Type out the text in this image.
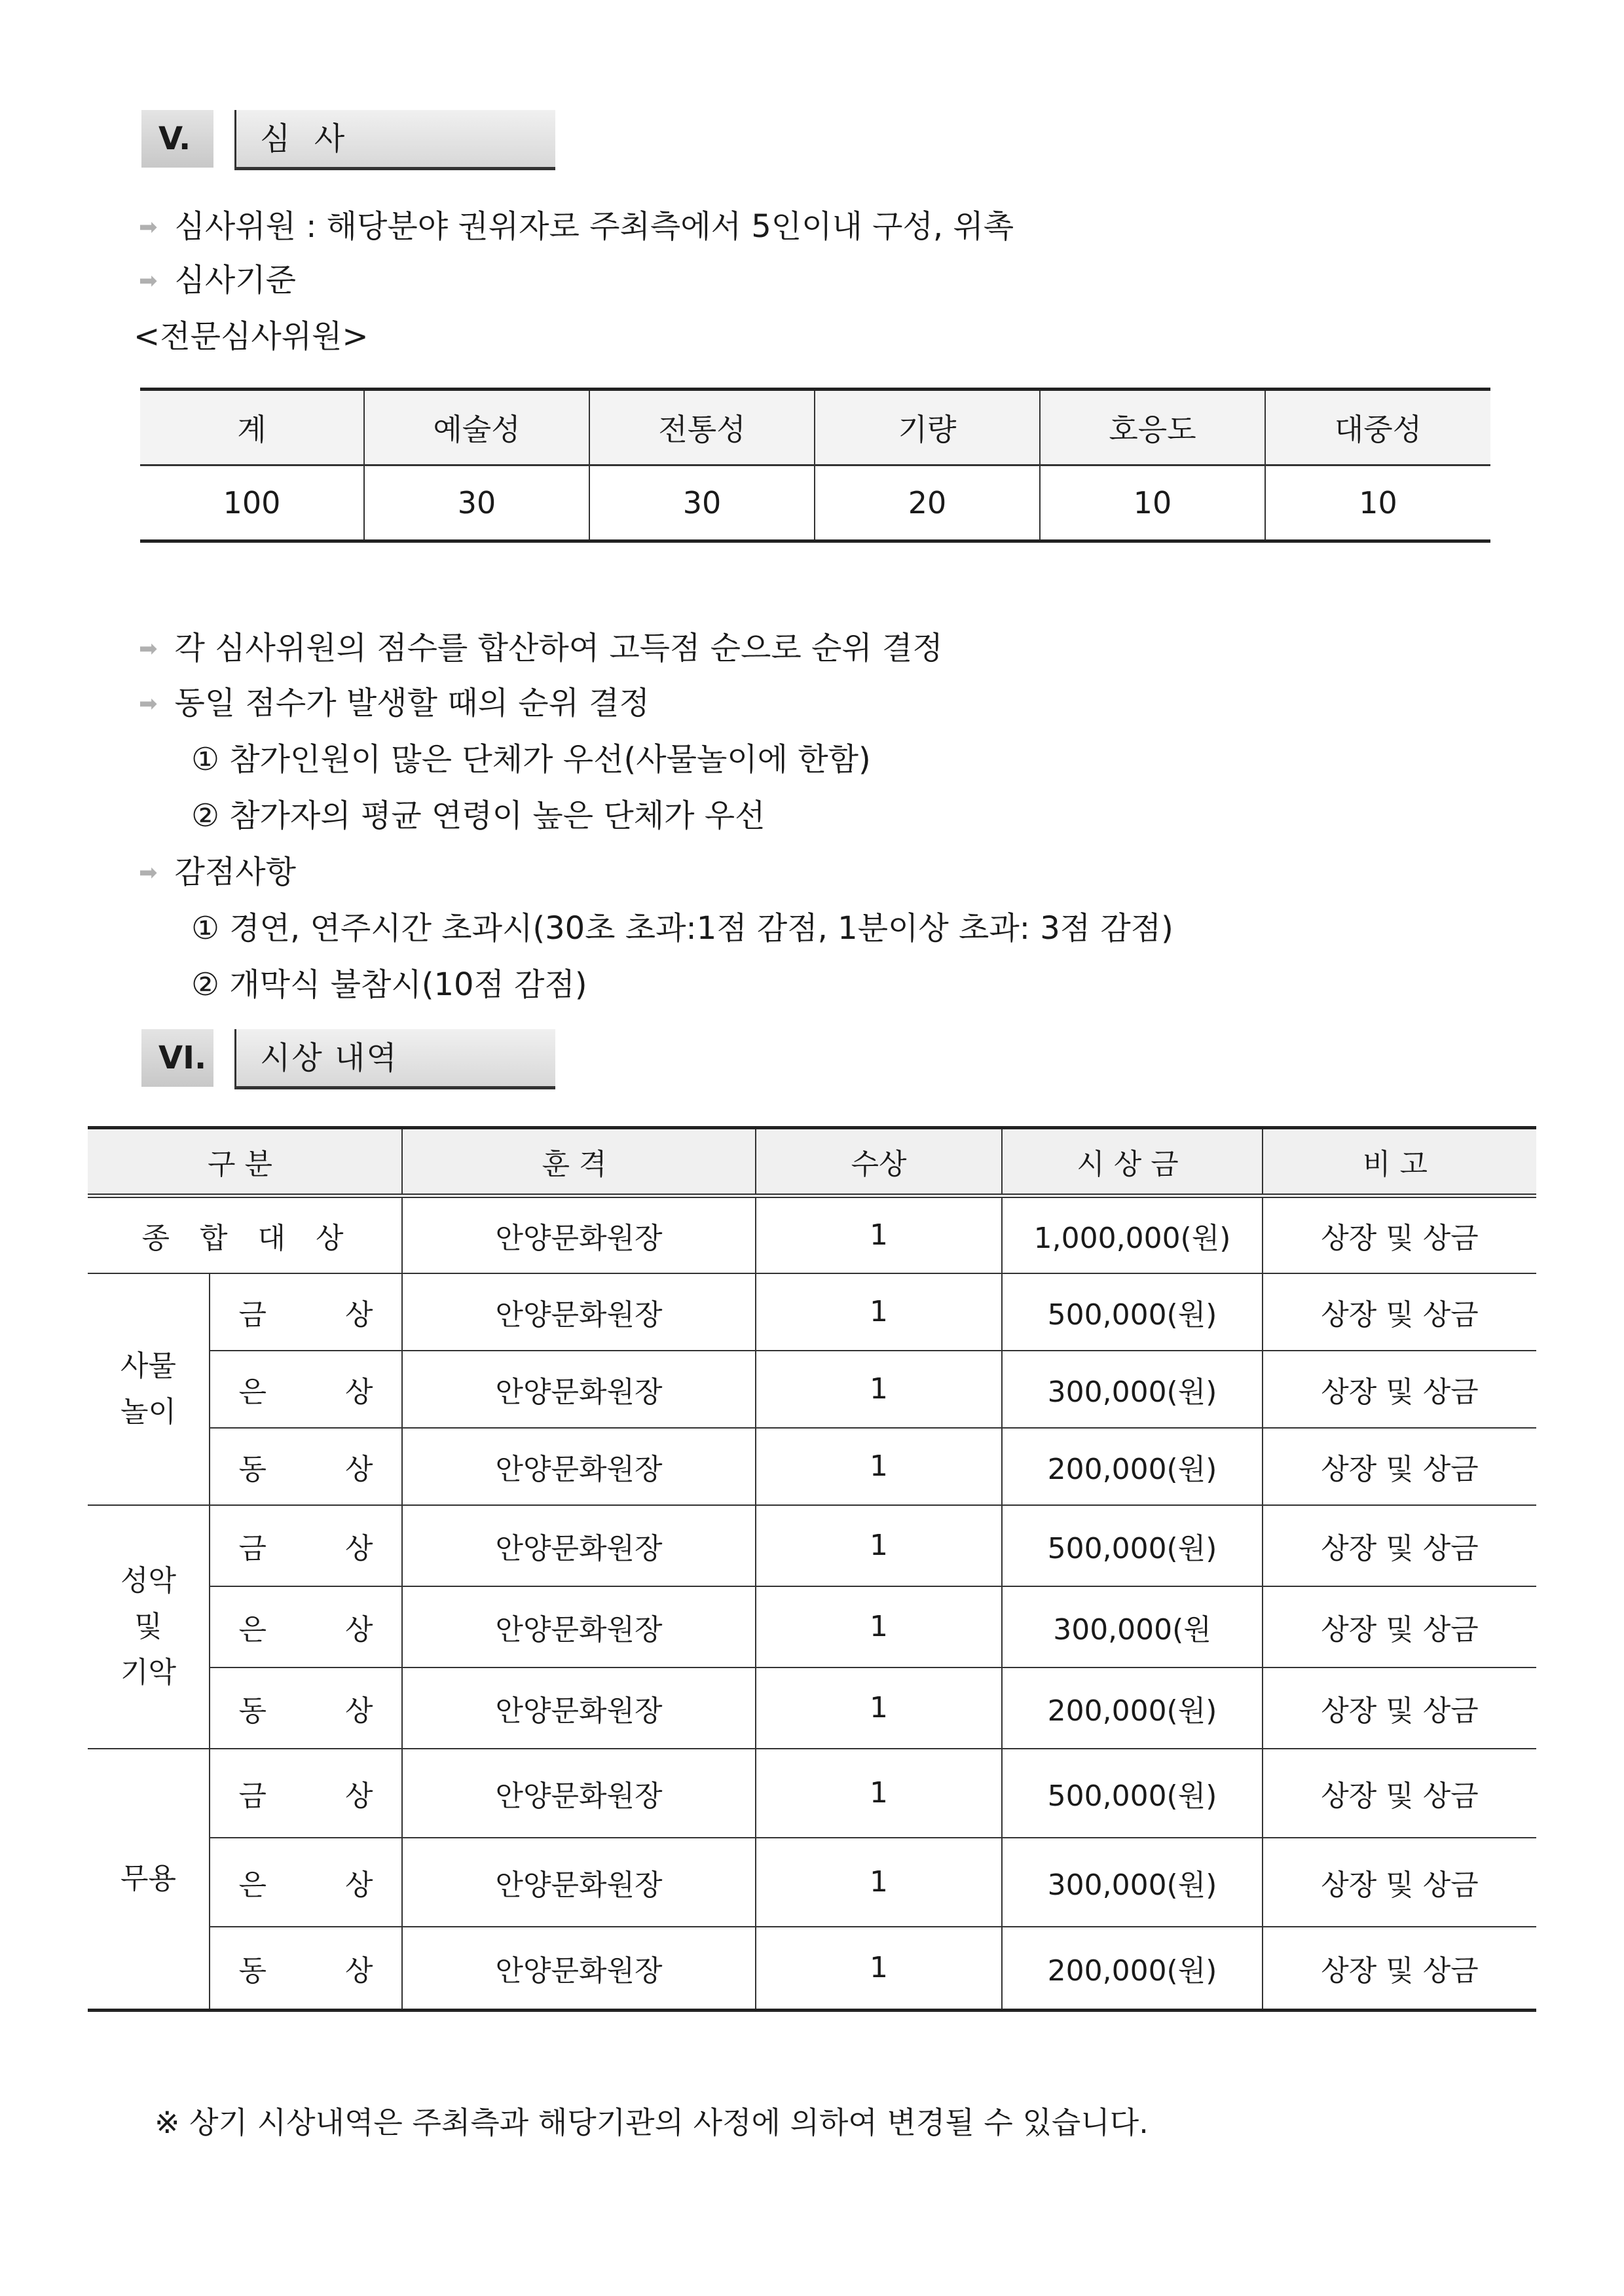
V.	심  사
➡ 심사위원 : 해당분야 권위자로 주최측에서 5인이내 구성, 위촉
➡ 심사기준
<전문심사위원>
계	예술성	전통성	기량	호응도	대중성
100	30	30	20	10	10
➡ 각 심사위원의 점수를 합산하여 고득점 순으로 순위 결정
➡ 동일 점수가 발생할 때의 순위 결정
① 참가인원이 많은 단체가 우선(사물놀이에 한함)
② 참가자의 평균 연령이 높은 단체가 우선
➡ 감점사항
① 경연, 연주시간 초과시(30초 초과:1점 감점, 1분이상 초과: 3점 감점)
② 개막식 불참시(10점 감점)
VI.	시상 내역
구분		훈격	수상	시상금	비고
종  합  대  상		안양문화원장	1	1,000,000(원)	상장 및 상금
사물
놀이	금 상	안양문화원장	1	500,000(원)	상장 및 상금
	은 상	안양문화원장	1	300,000(원)	상장 및 상금
	동 상	안양문화원장	1	200,000(원)	상장 및 상금
성악
및
기악	금 상	안양문화원장	1	500,000(원)	상장 및 상금
	은 상	안양문화원장	1	300,000(원	상장 및 상금
	동 상	안양문화원장	1	200,000(원)	상장 및 상금
무용	금 상	안양문화원장	1	500,000(원)	상장 및 상금
	은 상	안양문화원장	1	300,000(원)	상장 및 상금
	동 상	안양문화원장	1	200,000(원)	상장 및 상금
※ 상기 시상내역은 주최측과 해당기관의 사정에 의하여 변경될 수 있습니다.
